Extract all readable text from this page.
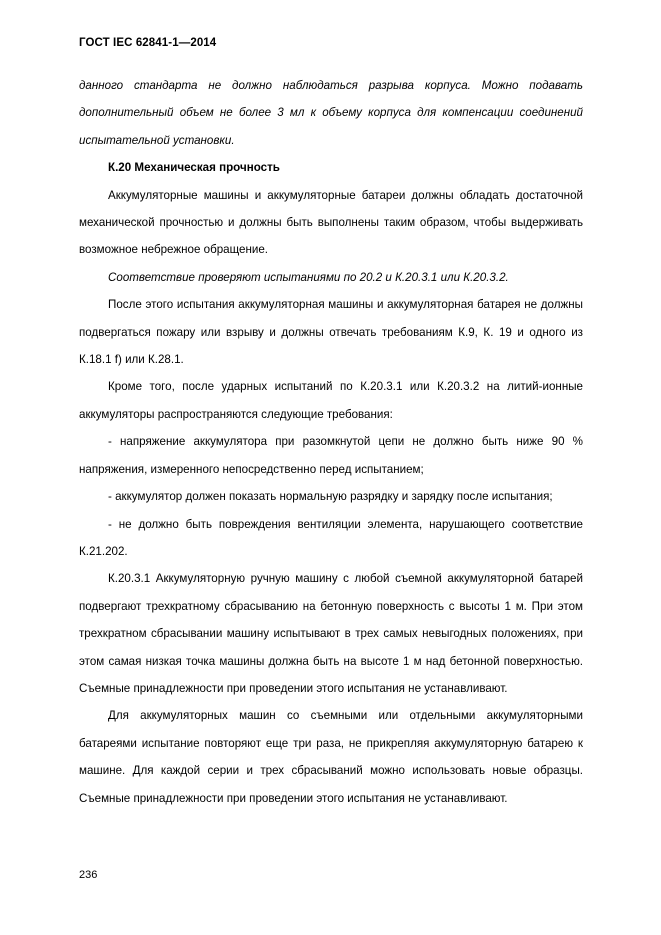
ГОСТ IEC 62841-1—2014

данного стандарта не должно наблюдаться разрыва корпуса. Можно подавать дополнительный объем не более 3 мл к объему корпуса для компенсации соединений испытательной установки.

К.20 Механическая прочность

Аккумуляторные машины и аккумуляторные батареи должны обладать достаточной механической прочностью и должны быть выполнены таким образом, чтобы выдерживать возможное небрежное обращение.

Соответствие проверяют испытаниями по 20.2 и К.20.3.1 или К.20.3.2.

После этого испытания аккумуляторная машины и аккумуляторная батарея не должны подвергаться пожару или взрыву и должны отвечать требованиям К.9, К. 19 и одного из К.18.1 f) или К.28.1.

Кроме того, после ударных испытаний по К.20.3.1 или К.20.3.2 на литий-ионные аккумуляторы распространяются следующие требования:

- напряжение аккумулятора при разомкнутой цепи не должно быть ниже 90 % напряжения, измеренного непосредственно перед испытанием;

- аккумулятор должен показать нормальную разрядку и зарядку после испытания;

- не должно быть повреждения вентиляции элемента, нарушающего соответствие К.21.202.

К.20.3.1 Аккумуляторную ручную машину с любой съемной аккумуляторной батарей подвергают трехкратному сбрасыванию на бетонную поверхность с высоты 1 м. При этом трехкратном сбрасывании машину испытывают в трех самых невыгодных положениях, при этом самая низкая точка машины должна быть на высоте 1 м над бетонной поверхностью. Съемные принадлежности при проведении этого испытания не устанавливают.

Для аккумуляторных машин со съемными или отдельными аккумуляторными батареями испытание повторяют еще три раза, не прикрепляя аккумуляторную батарею к машине. Для каждой серии и трех сбрасываний можно использовать новые образцы. Съемные принадлежности при проведении этого испытания не устанавливают.

236
